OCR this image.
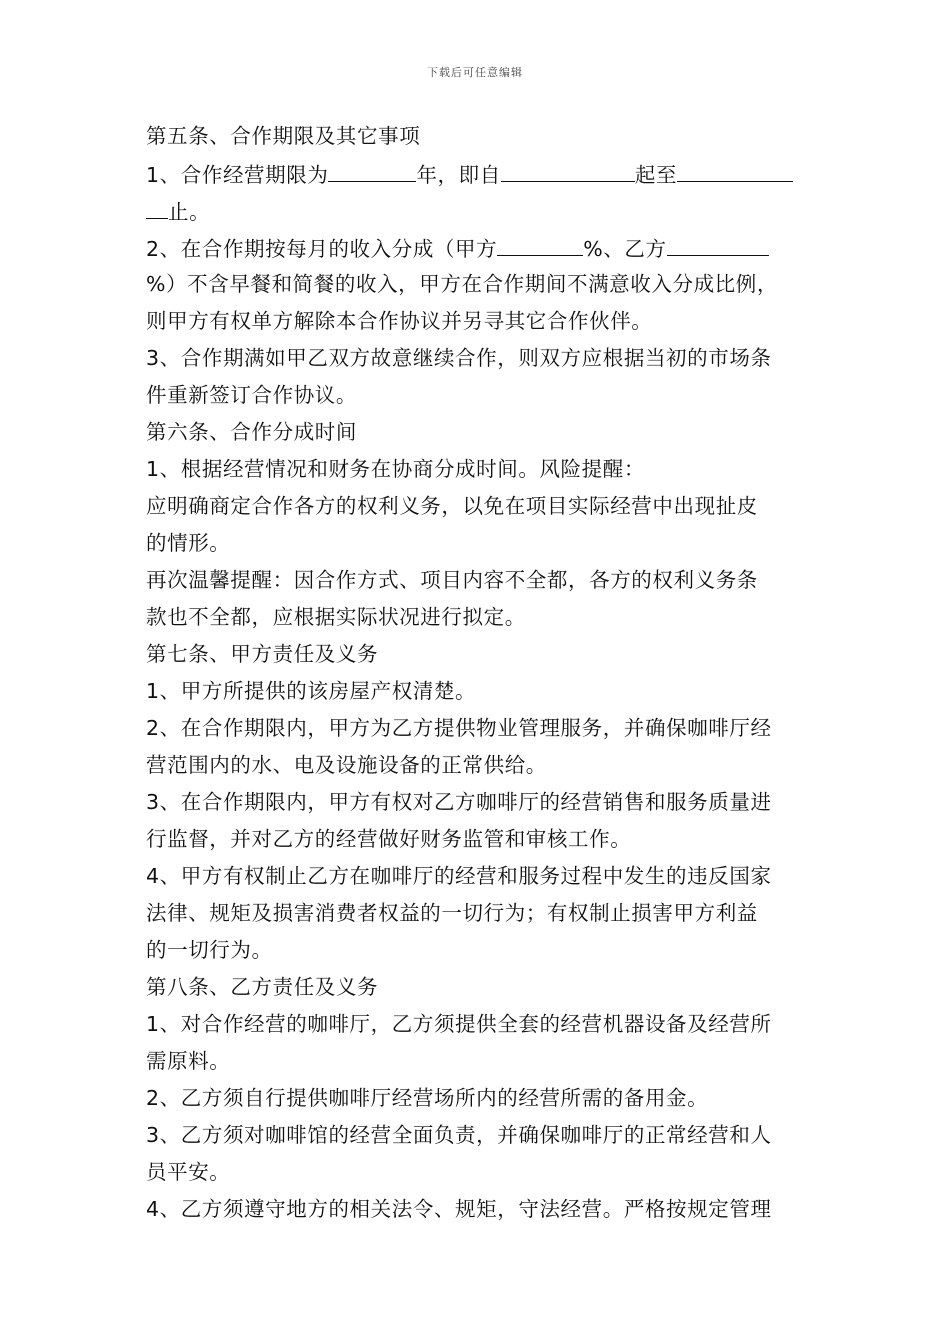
下载后可任意编辑
第五条、合作期限及其它事项
1、合作经营期限为	年，即自	起至
止。
2、在合作期按每月的收入分成（甲方	%、乙方
%）不含早餐和简餐的收入，甲方在合作期间不满意收入分成比例，
则甲方有权单方解除本合作协议并另寻其它合作伙伴。
3、合作期满如甲乙双方故意继续合作，则双方应根据当初的市场条
件重新签订合作协议。
第六条、合作分成时间
1、根据经营情况和财务在协商分成时间。风险提醒：
应明确商定合作各方的权利义务，以免在项目实际经营中出现扯皮
的情形。
再次温馨提醒：因合作方式、项目内容不全都，各方的权利义务条
款也不全都，应根据实际状况进行拟定。
第七条、甲方责任及义务
1、甲方所提供的该房屋产权清楚。
2、在合作期限内，甲方为乙方提供物业管理服务，并确保咖啡厅经
营范围内的水、电及设施设备的正常供给。
3、在合作期限内，甲方有权对乙方咖啡厅的经营销售和服务质量进
行监督，并对乙方的经营做好财务监管和审核工作。
4、甲方有权制止乙方在咖啡厅的经营和服务过程中发生的违反国家
法律、规矩及损害消费者权益的一切行为；有权制止损害甲方利益
的一切行为。
第八条、乙方责任及义务
1、对合作经营的咖啡厅，乙方须提供全套的经营机器设备及经营所
需原料。
2、乙方须自行提供咖啡厅经营场所内的经营所需的备用金。
3、乙方须对咖啡馆的经营全面负责，并确保咖啡厅的正常经营和人
员平安。
4、乙方须遵守地方的相关法令、规矩，守法经营。严格按规定管理
